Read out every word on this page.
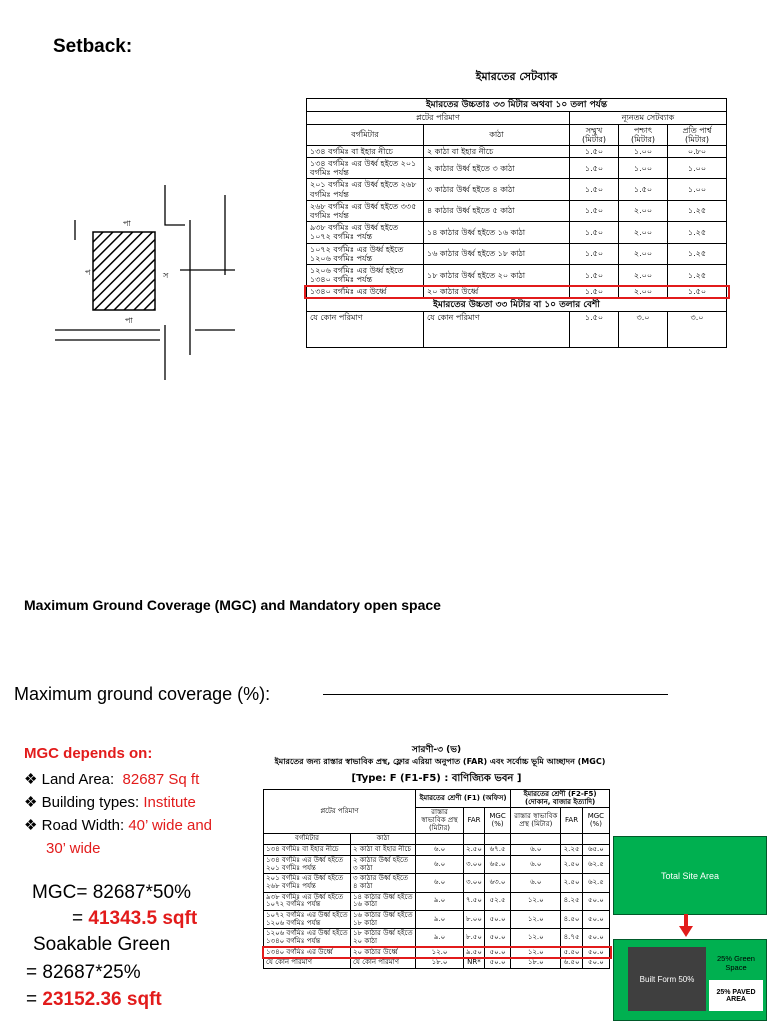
Setback:
প	স
পা
পা
ইমারতের সেটব্যাক
ইমারতের উচ্চতাঃ ৩৩ মিটার অথবা ১০ তলা পর্যন্ত				
প্লটের পরিমাণ		ন্যূনতম সেটব্যাক		
বর্গমিটার	কাঠা	সম্মুখ (মিটার)	পশ্চাৎ (মিটার)	প্রতি পার্শ্ব (মিটার)
১৩৪ বর্গমিঃ বা ইহার নীচে	২ কাঠা বা ইহার নীচে	১.৫০	১.০০	০.৮০
১৩৪ বর্গমিঃ এর উর্ধ্ব হইতে ২০১ বর্গমিঃ পর্যন্ত	২ কাঠার উর্ধ্ব হইতে ৩ কাঠা	১.৫০	১.০০	১.০০
২০১ বর্গমিঃ এর উর্ধ্ব হইতে ২৬৮ বর্গমিঃ পর্যন্ত	৩ কাঠার উর্ধ্ব হইতে ৪ কাঠা	১.৫০	১.৫০	১.০০
২৬৮ বর্গমিঃ এর উর্ধ্ব হইতে ৩৩৫ বর্গমিঃ পর্যন্ত	৪ কাঠার উর্ধ্ব হইতে ৫ কাঠা	১.৫০	২.০০	১.২৫
৯৩৮ বর্গমিঃ এর উর্ধ্ব হইতে ১০৭২ বর্গমিঃ পর্যন্ত	১৪ কাঠার উর্ধ্ব হইতে ১৬ কাঠা	১.৫০	২.০০	১.২৫
১০৭২ বর্গমিঃ এর উর্ধ্ব হইতে ১২০৬ বর্গমিঃ পর্যন্ত	১৬ কাঠার উর্ধ্ব হইতে ১৮ কাঠা	১.৫০	২.০০	১.২৫
১২০৬ বর্গমিঃ এর উর্ধ্ব হইতে ১৩৪০ বর্গমিঃ পর্যন্ত	১৮ কাঠার উর্ধ্ব হইতে ২০ কাঠা	১.৫০	২.০০	১.২৫
১৩৪০ বর্গমিঃ এর উর্ধ্বে	২০ কাঠার উর্ধ্বে	১.৫০	২.০০	১.৫০
ইমারতের উচ্চতা ৩৩ মিটার বা ১০ তলার বেশী				
যে কোন পরিমাণ	যে কোন পরিমাণ	১.৫০	৩.০	৩.০
Maximum Ground Coverage (MGC) and Mandatory open space
Maximum ground coverage (%):
MGC depends on:
❖ Land Area: 82687 Sq ft
❖ Building types: Institute
❖ Road Width: 40’ wide and
30’ wide
MGC= 82687*50%
= 41343.5 sqft
Soakable Green
= 82687*25%
= 23152.36 sqft
সারণী-৩ (ভ)
ইমারতের জন্য রাস্তার স্বাভাবিক প্রস্থ, ফ্লোর এরিয়া অনুপাত (FAR) এবং সর্বোচ্চ ভূমি আচ্ছাদন (MGC)
[Type: F (F1-F5) : বাণিজ্যিক ভবন ]
প্লটের পরিমাণ		ইমারতের শ্রেণী (F1) (অফিস)			ইমারতের শ্রেণী (F2-F5) (দোকান, বাজার ইত্যাদি)		
		রাস্তার স্বাভাবিক প্রস্থ (মিটার)	FAR	MGC (%)	রাস্তার স্বাভাবিক প্রস্থ (মিটার)	FAR	MGC (%)
বর্গমিটার	কাঠা						
১৩৪ বর্গমিঃ বা ইহার নীচে	২ কাঠা বা ইহার নীচে	৬.০	২.৫০	৬৭.৫	৬.০	২.২৫	৬৫.০
১৩৪ বর্গমিঃ এর উর্ধ্ব হইতে ২০১ বর্গমিঃ পর্যন্ত	২ কাঠার উর্ধ্ব হইতে ৩ কাঠা	৬.০	৩.০০	৬৫.০	৬.০	২.৫০	৬২.৫
২০১ বর্গমিঃ এর উর্ধ্ব হইতে ২৬৮ বর্গমিঃ পর্যন্ত	৩ কাঠার উর্ধ্ব হইতে ৪ কাঠা	৬.০	৩.০০	৬৩.০	৬.০	২.৫০	৬২.৫
৯৩৮ বর্গমিঃ এর উর্ধ্ব হইতে ১০৭২ বর্গমিঃ পর্যন্ত	১৪ কাঠার উর্ধ্ব হইতে ১৬ কাঠা	৯.০	৭.৫০	৫২.৫	১২.০	৪.২৫	৫০.০
১০৭২ বর্গমিঃ এর উর্ধ্ব হইতে ১২০৬ বর্গমিঃ পর্যন্ত	১৬ কাঠার উর্ধ্ব হইতে ১৮ কাঠা	৯.০	৮.০০	৫০.০	১২.০	৪.৫০	৫০.০
১২০৬ বর্গমিঃ এর উর্ধ্ব হইতে ১৩৪০ বর্গমিঃ পর্যন্ত	১৮ কাঠার উর্ধ্ব হইতে ২০ কাঠা	৯.০	৮.৫০	৫০.০	১২.০	৪.৭৫	৫০.০
১৩৪০ বর্গমিঃ এর উর্ধ্বে	২০ কাঠার উর্ধ্বে	১২.০	৯.৫০	৫০.০	১২.০	৫.৫০	৫০.০
যে কোন পরিমাণ	যে কোন পরিমাণ	১৮.০	NR*	৫০.০	১৮.০	৬.৫০	৫০.০
Total Site Area
Built Form 50%
25% Green Space
25% PAVED AREA
